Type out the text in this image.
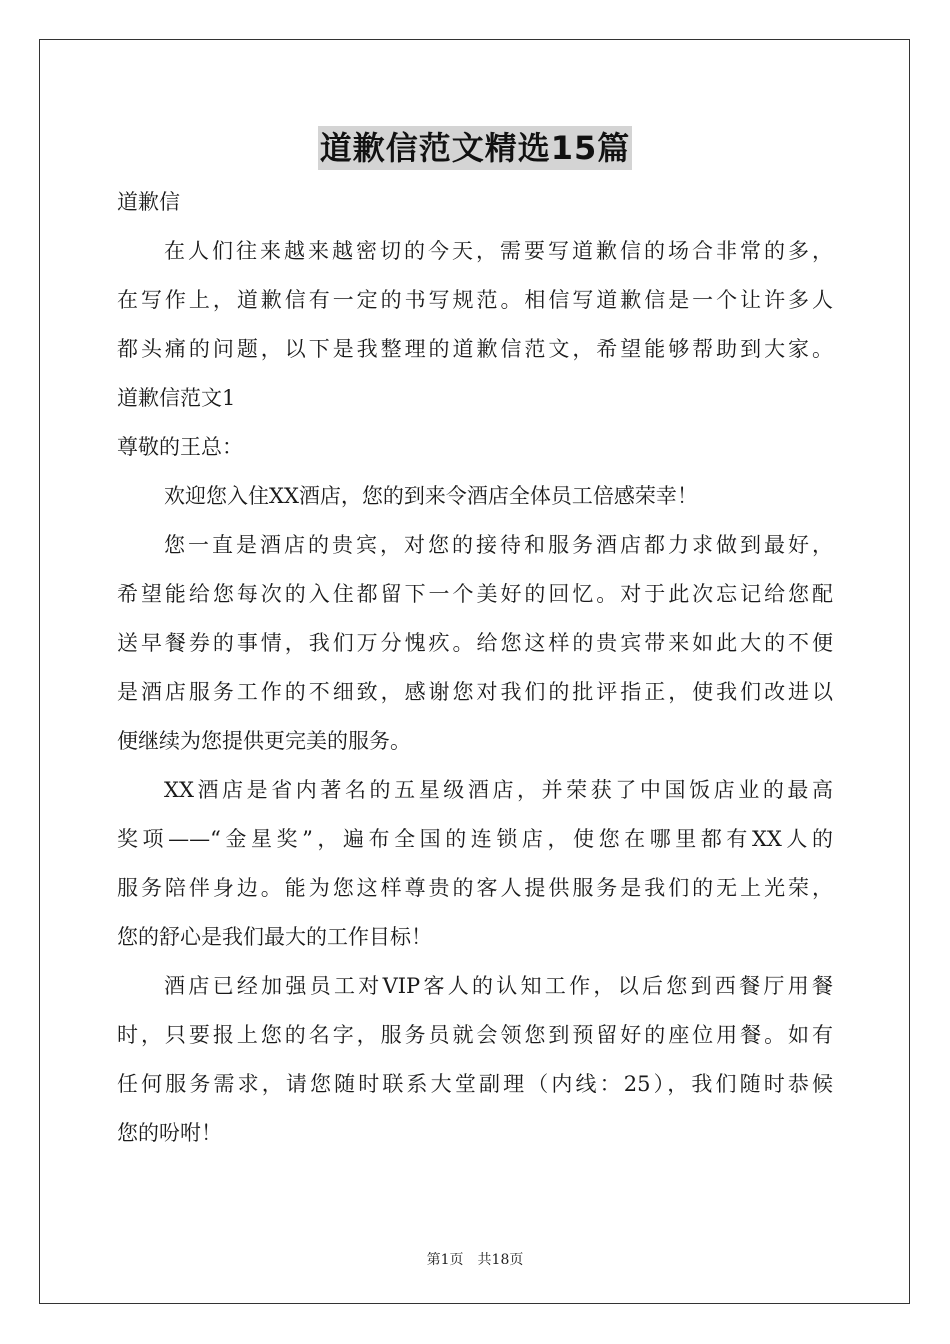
道歉信范文精选15篇
道歉信
在人们往来越来越密切的今天，需要写道歉信的场合非常的多，
在写作上，道歉信有一定的书写规范。相信写道歉信是一个让许多人
都头痛的问题，以下是我整理的道歉信范文，希望能够帮助到大家。
道歉信范文1
尊敬的王总：
欢迎您入住XX酒店，您的到来令酒店全体员工倍感荣幸！
您一直是酒店的贵宾，对您的接待和服务酒店都力求做到最好，
希望能给您每次的入住都留下一个美好的回忆。对于此次忘记给您配
送早餐券的事情，我们万分愧疚。给您这样的贵宾带来如此大的不便
是酒店服务工作的不细致，感谢您对我们的批评指正，使我们改进以
便继续为您提供更完美的服务。
XX酒店是省内著名的五星级酒店，并荣获了中国饭店业的最高
奖项——“金星奖”，遍布全国的连锁店，使您在哪里都有XX人的
服务陪伴身边。能为您这样尊贵的客人提供服务是我们的无上光荣，
您的舒心是我们最大的工作目标！
酒店已经加强员工对VIP客人的认知工作，以后您到西餐厅用餐
时，只要报上您的名字，服务员就会领您到预留好的座位用餐。如有
任何服务需求，请您随时联系大堂副理（内线：25），我们随时恭候
您的吩咐！
第1页　共18页
